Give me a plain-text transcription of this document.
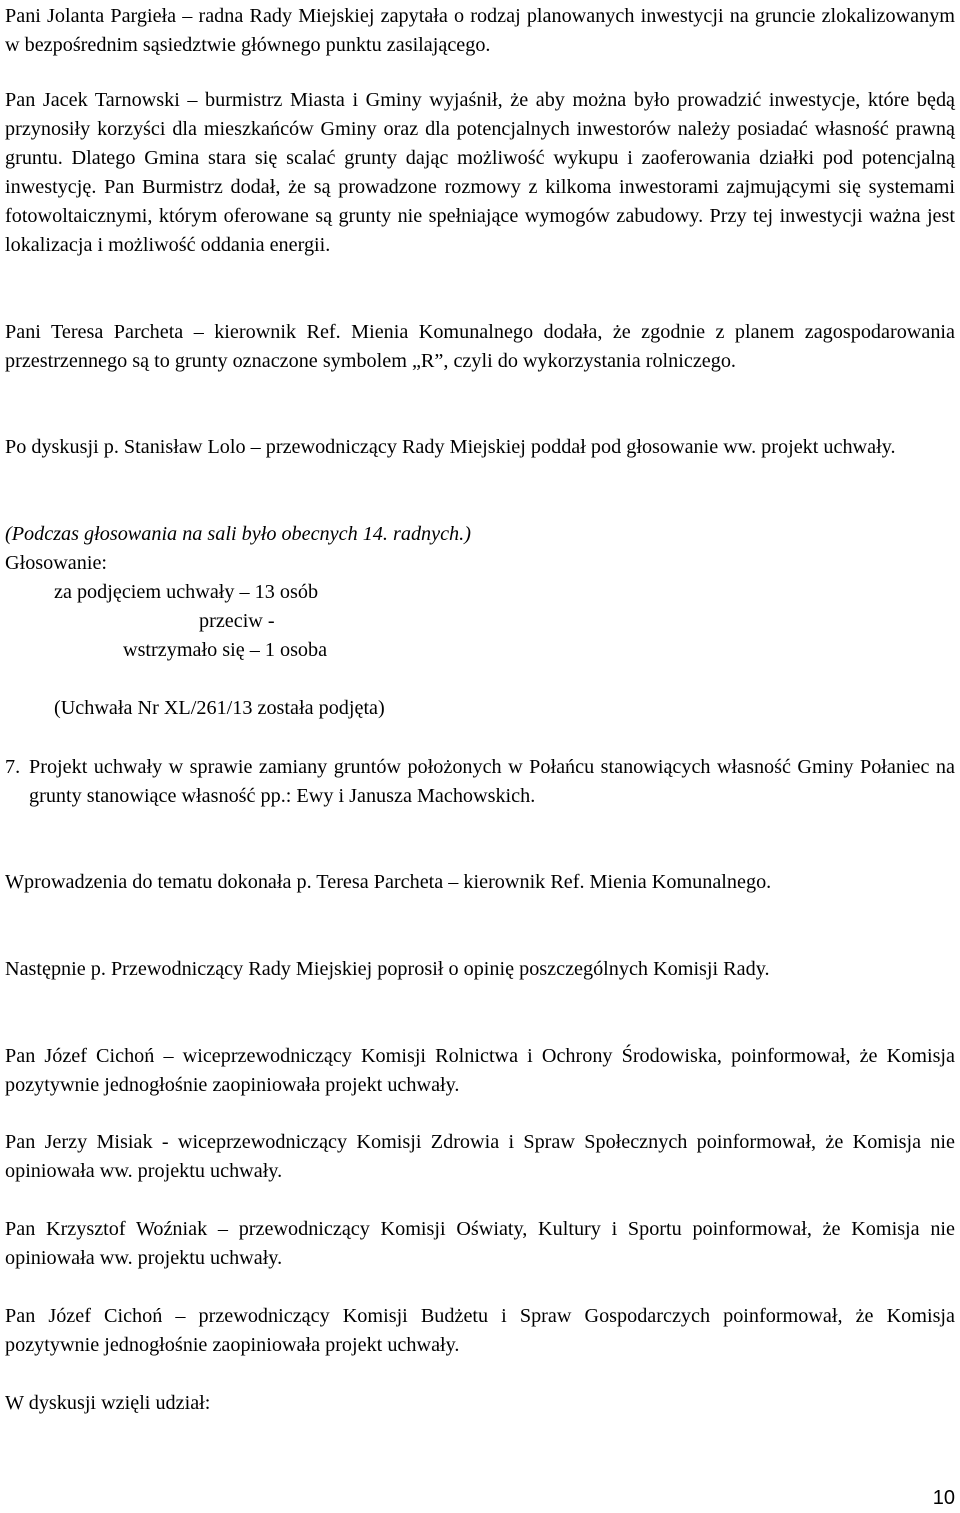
Pani Jolanta Pargieła – radna Rady Miejskiej zapytała o rodzaj planowanych inwestycji na gruncie zlokalizowanym w bezpośrednim sąsiedztwie głównego punktu zasilającego.

Pan Jacek Tarnowski – burmistrz Miasta i Gminy wyjaśnił, że aby można było prowadzić inwestycje, które będą przynosiły korzyści dla mieszkańców Gminy oraz dla potencjalnych inwestorów należy posiadać własność prawną gruntu. Dlatego Gmina stara się scalać grunty dając możliwość wykupu i zaoferowania działki pod potencjalną inwestycję. Pan Burmistrz dodał, że są prowadzone rozmowy z kilkoma inwestorami zajmującymi się systemami fotowoltaicznymi, którym oferowane są grunty nie spełniające wymogów zabudowy. Przy tej inwestycji ważna jest lokalizacja i możliwość oddania energii.

Pani Teresa Parcheta – kierownik Ref. Mienia Komunalnego dodała, że zgodnie z planem zagospodarowania przestrzennego są to grunty oznaczone symbolem „R”, czyli do wykorzystania rolniczego.

Po dyskusji p. Stanisław Lolo – przewodniczący Rady Miejskiej poddał pod głosowanie ww. projekt uchwały.

(Podczas głosowania na sali było obecnych 14. radnych.)

Głosowanie:

za podjęciem uchwały – 13 osób

przeciw -

wstrzymało się – 1 osoba

(Uchwała Nr XL/261/13 została podjęta)

7. Projekt uchwały w sprawie zamiany gruntów położonych w Połańcu stanowiących własność Gminy Połaniec na grunty stanowiące własność pp.: Ewy i Janusza Machowskich.

Wprowadzenia do tematu dokonała p. Teresa Parcheta – kierownik Ref. Mienia Komunalnego.

Następnie p. Przewodniczący Rady Miejskiej poprosił o opinię poszczególnych Komisji Rady.

Pan Józef Cichoń – wiceprzewodniczący Komisji Rolnictwa i Ochrony Środowiska, poinformował, że Komisja pozytywnie jednogłośnie zaopiniowała projekt uchwały.

Pan Jerzy Misiak - wiceprzewodniczący Komisji Zdrowia i Spraw Społecznych poinformował, że Komisja nie opiniowała ww. projektu uchwały.

Pan Krzysztof Woźniak – przewodniczący Komisji Oświaty, Kultury i Sportu poinformował, że Komisja nie opiniowała ww. projektu uchwały.

Pan Józef Cichoń – przewodniczący Komisji Budżetu i Spraw Gospodarczych poinformował, że Komisja pozytywnie jednogłośnie zaopiniowała projekt uchwały.

W dyskusji wzięli udział:

10
